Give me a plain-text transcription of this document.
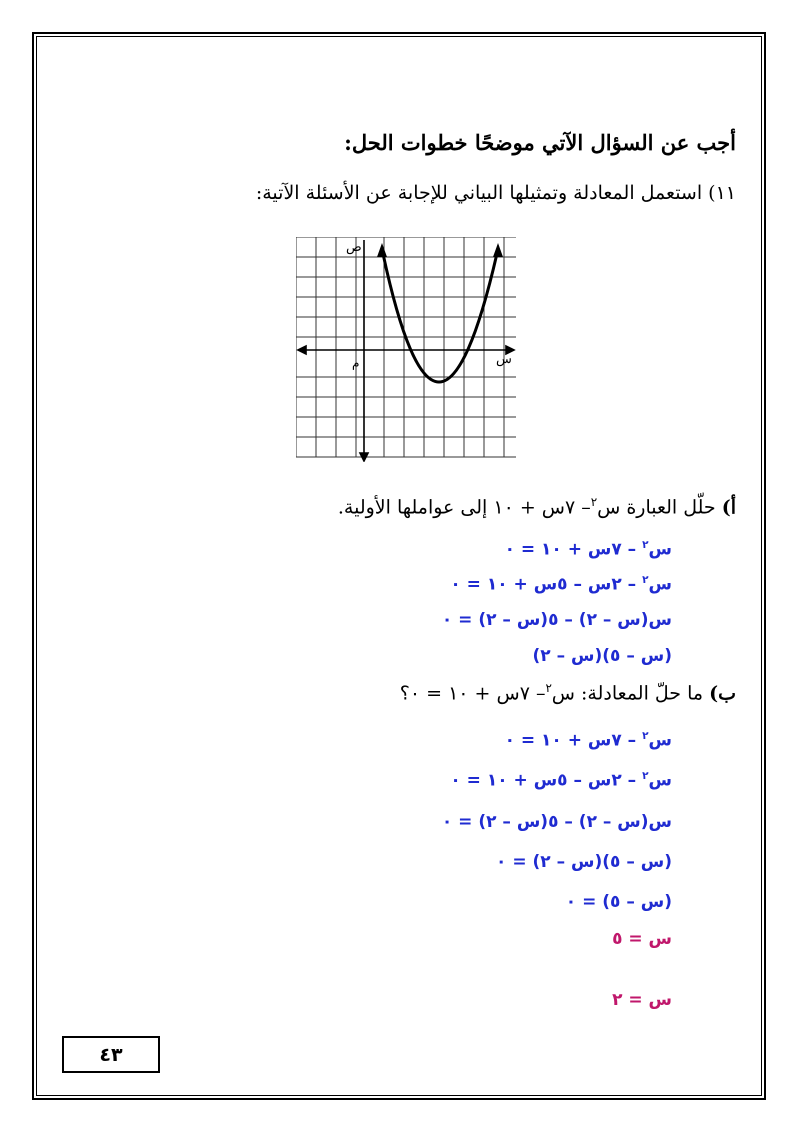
أجب عن السؤال الآتي موضحًا خطوات الحل:
١١) استعمل المعادلة وتمثيلها البياني للإجابة عن الأسئلة الآتية:
ص
م	س
أ) حلّل العبارة س$^٢$– ٧س + ١٠ إلى عواملها الأولية.
س$^٢$ – ٧س + ١٠ = ٠
س$^٢$ – ٢س – ٥س + ١٠ = ٠
س(س – ٢) – ٥(س – ٢) = ٠
(س – ٥)(س – ٢)
ب) ما حلّ المعادلة: س$^٢$– ٧س + ١٠ = ٠؟
س$^٢$ – ٧س + ١٠ = ٠
س$^٢$ – ٢س – ٥س + ١٠ = ٠
س(س – ٢) – ٥(س – ٢) = ٠
(س – ٥)(س – ٢) = ٠
(س – ٥) = ٠
س = ٥
س = ٢
٤٣
